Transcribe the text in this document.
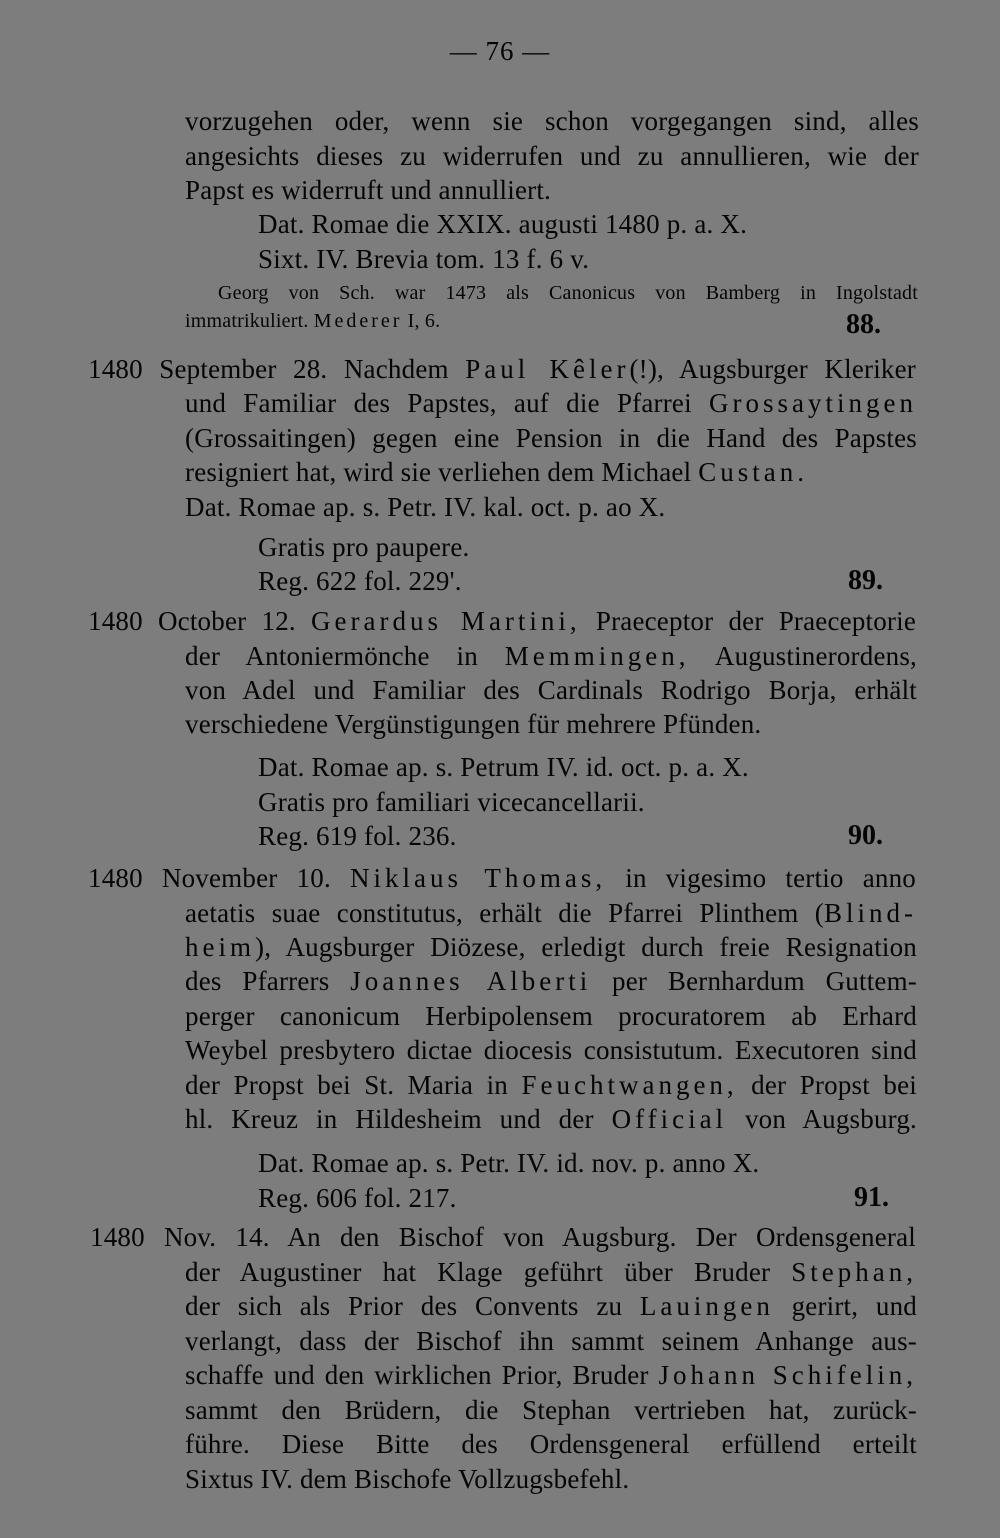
— 76 —
vorzugehen oder, wenn sie schon vorgegangen sind, alles
angesichts dieses zu widerrufen und zu annullieren, wie der
Papst es widerruft und annulliert.
Dat. Romae die XXIX. augusti 1480 p. a. X.
Sixt. IV. Brevia tom. 13 f. 6 v.
Georg von Sch. war 1473 als Canonicus von Bamberg in Ingolstadt
immatrikuliert. Mederer I, 6.	88.
1480 September 28. Nachdem Paul Kêler(!), Augsburger Kleriker
und Familiar des Papstes, auf die Pfarrei Grossaytingen
(Grossaitingen) gegen eine Pension in die Hand des Papstes
resigniert hat, wird sie verliehen dem Michael Custan.
Dat. Romae ap. s. Petr. IV. kal. oct. p. ao X.
Gratis pro paupere.
Reg. 622 fol. 229'.	89.
1480 October 12. Gerardus Martini, Praeceptor der Praeceptorie
der Antoniermönche in Memmingen, Augustinerordens,
von Adel und Familiar des Cardinals Rodrigo Borja, erhält
verschiedene Vergünstigungen für mehrere Pfünden.
Dat. Romae ap. s. Petrum IV. id. oct. p. a. X.
Gratis pro familiari vicecancellarii.
Reg. 619 fol. 236.	90.
1480 November 10. Niklaus Thomas, in vigesimo tertio anno
aetatis suae constitutus, erhält die Pfarrei Plinthem (Blind-
heim), Augsburger Diözese, erledigt durch freie Resignation
des Pfarrers Joannes Alberti per Bernhardum Guttem-
perger canonicum Herbipolensem procuratorem ab Erhard
Weybel presbytero dictae diocesis consistutum. Executoren sind
der Propst bei St. Maria in Feuchtwangen, der Propst bei
hl. Kreuz in Hildesheim und der Official von Augsburg.
Dat. Romae ap. s. Petr. IV. id. nov. p. anno X.
Reg. 606 fol. 217.	91.
1480 Nov. 14. An den Bischof von Augsburg. Der Ordensgeneral
der Augustiner hat Klage geführt über Bruder Stephan,
der sich als Prior des Convents zu Lauingen gerirt, und
verlangt, dass der Bischof ihn sammt seinem Anhange aus-
schaffe und den wirklichen Prior, Bruder Johann Schifelin,
sammt den Brüdern, die Stephan vertrieben hat, zurück-
führe. Diese Bitte des Ordensgeneral erfüllend erteilt
Sixtus IV. dem Bischofe Vollzugsbefehl.
